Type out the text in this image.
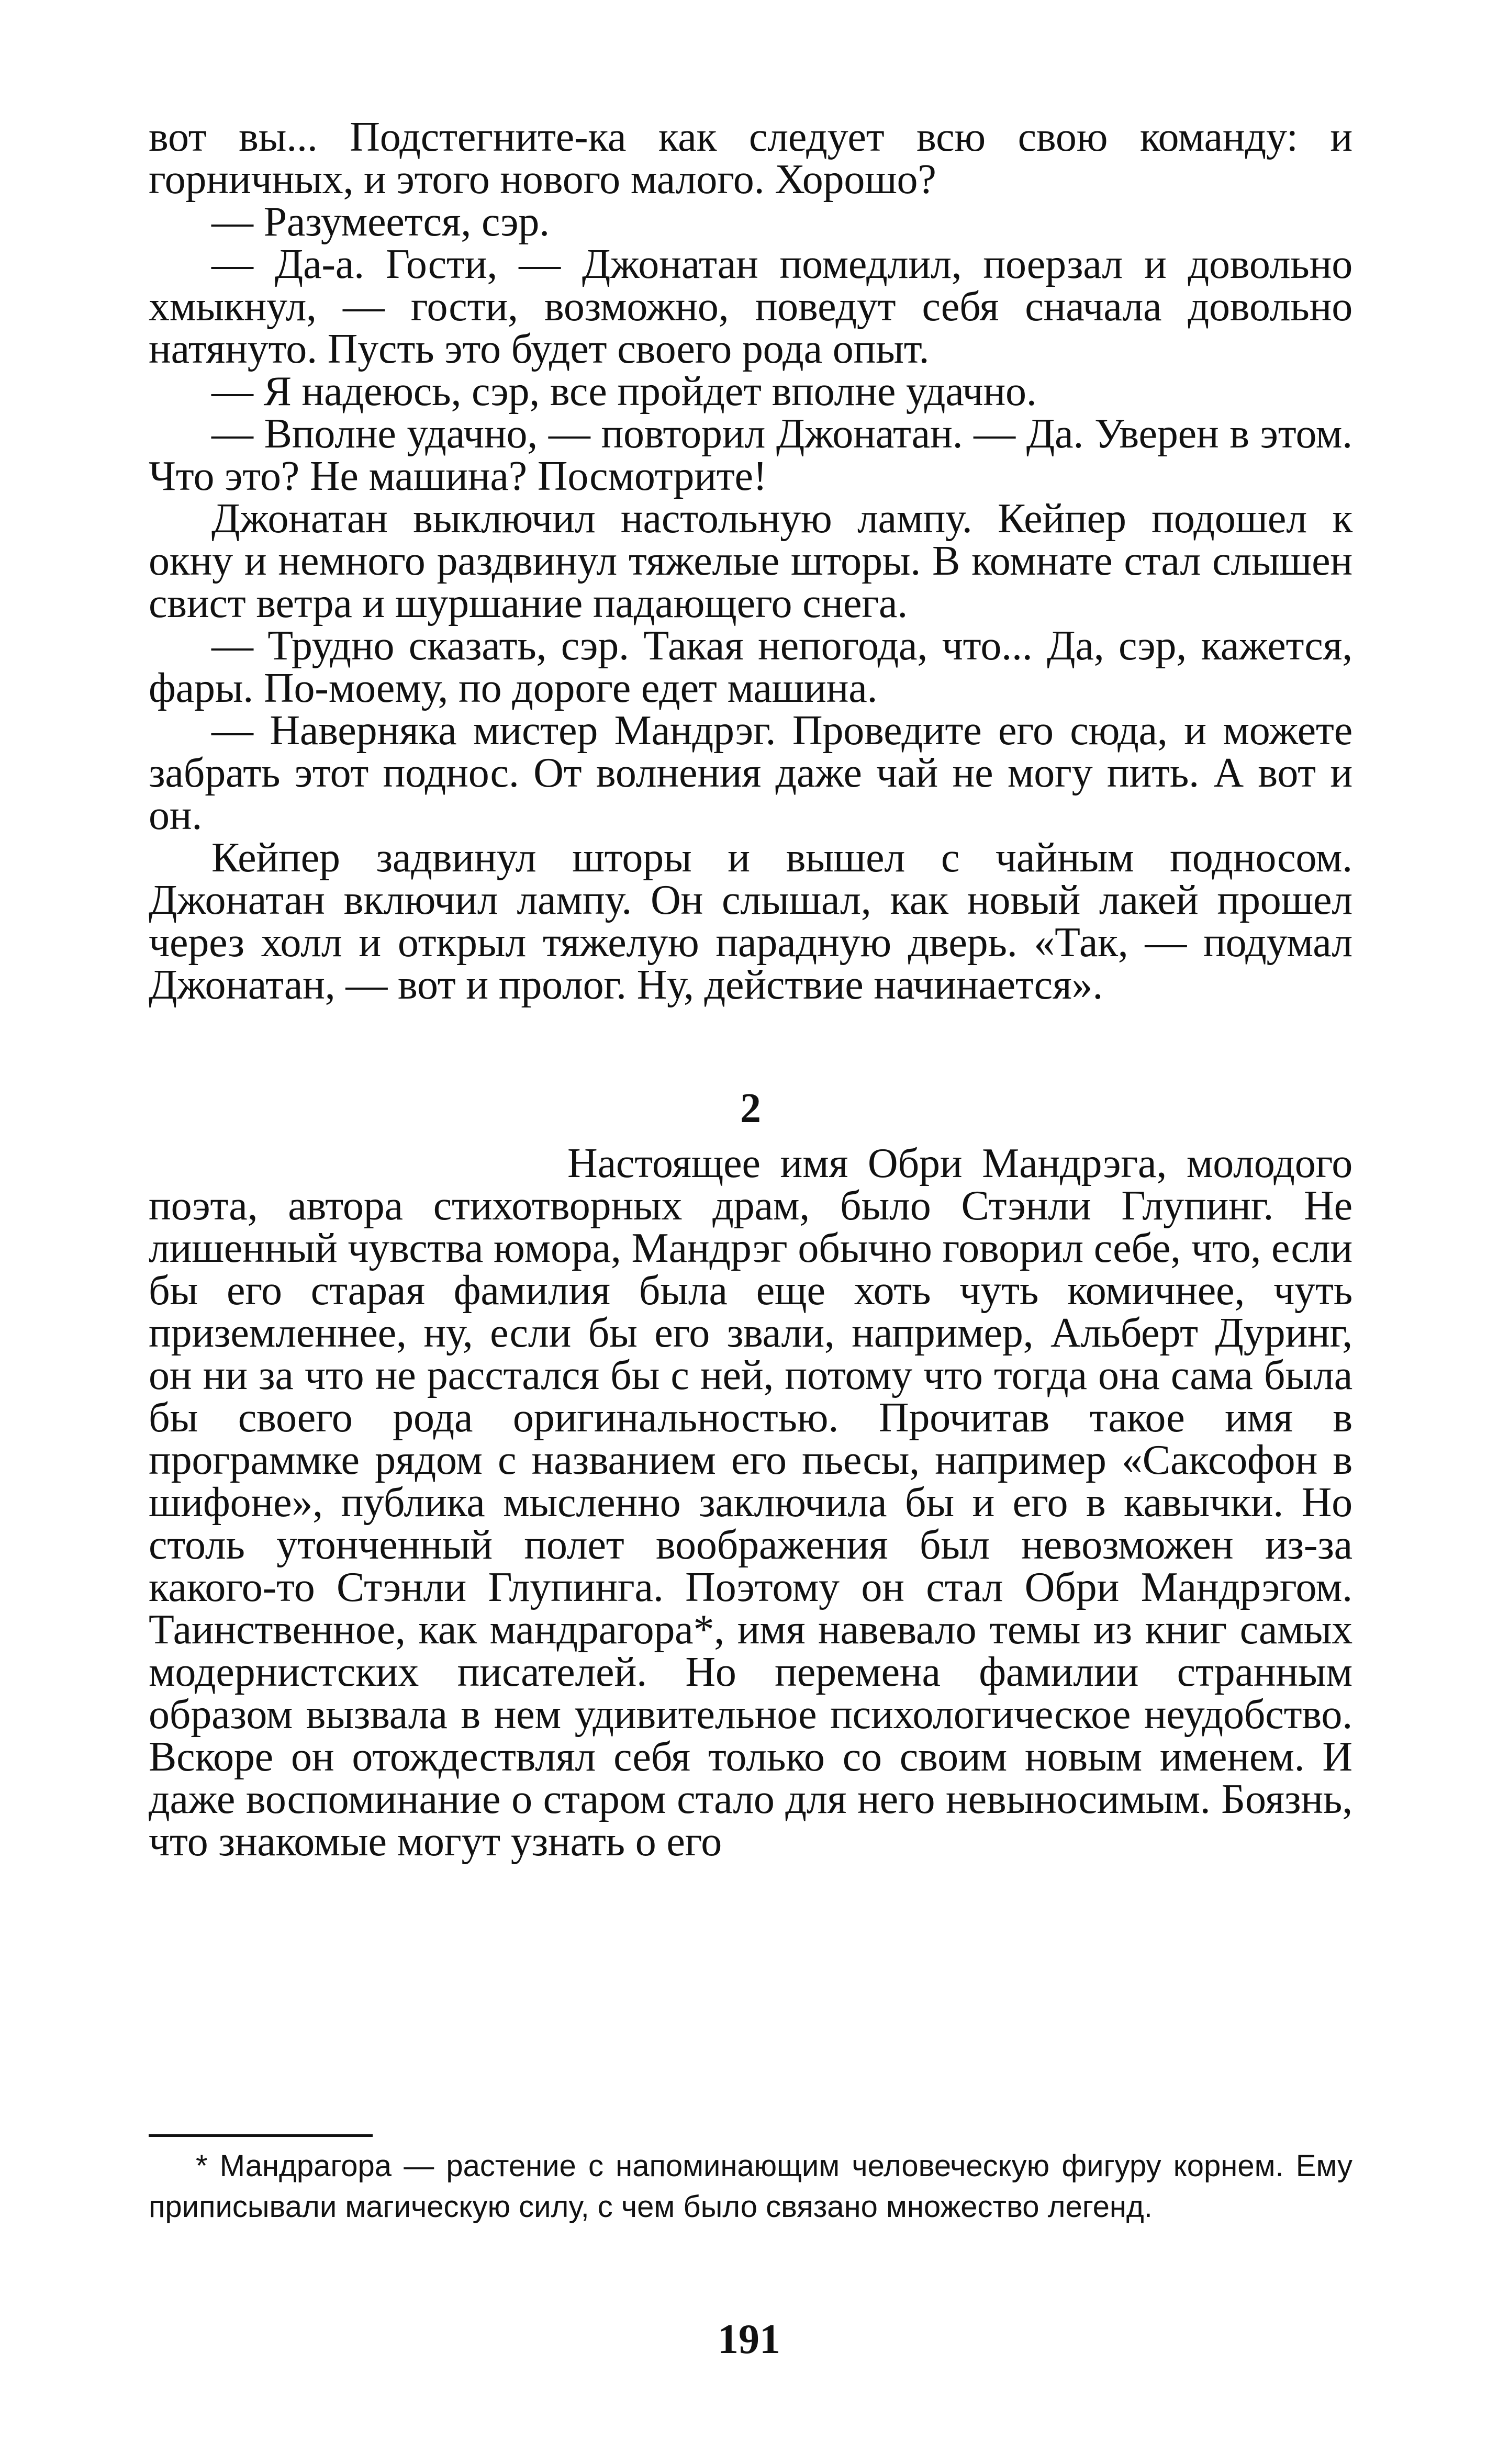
вот вы... Подстегните-ка как следует всю свою команду: и горничных, и этого нового малого. Хорошо?

— Разумеется, сэр.

— Да-а. Гости, — Джонатан помедлил, поерзал и довольно хмыкнул, — гости, возможно, поведут себя сначала довольно натянуто. Пусть это будет своего рода опыт.

— Я надеюсь, сэр, все пройдет вполне удачно.

— Вполне удачно, — повторил Джонатан. — Да. Уверен в этом. Что это? Не машина? Посмотрите!

Джонатан выключил настольную лампу. Кейпер подошел к окну и немного раздвинул тяжелые шторы. В комнате стал слышен свист ветра и шуршание падающего снега.

— Трудно сказать, сэр. Такая непогода, что... Да, сэр, кажется, фары. По-моему, по дороге едет машина.

— Наверняка мистер Мандрэг. Проведите его сюда, и можете забрать этот поднос. От волнения даже чай не могу пить. А вот и он.

Кейпер задвинул шторы и вышел с чайным подносом. Джонатан включил лампу. Он слышал, как новый лакей прошел через холл и открыл тяжелую парадную дверь. «Так, — подумал Джонатан, — вот и пролог. Ну, действие начинается».

2

Настоящее имя Обри Мандрэга, молодого поэта, автора стихотворных драм, было Стэнли Глупинг. Не лишенный чувства юмора, Мандрэг обычно говорил себе, что, если бы его старая фамилия была еще хоть чуть комичнее, чуть приземленнее, ну, если бы его звали, например, Альберт Дуринг, он ни за что не расстался бы с ней, потому что тогда она сама была бы своего рода оригинальностью. Прочитав такое имя в программке рядом с названием его пьесы, например «Саксофон в шифоне», публика мысленно заключила бы и его в кавычки. Но столь утонченный полет воображения был невозможен из-за какого-то Стэнли Глупинга. Поэтому он стал Обри Мандрэгом. Таинственное, как мандрагора*, имя навевало темы из книг самых модернистских писателей. Но перемена фамилии странным образом вызвала в нем удивительное психологическое неудобство. Вскоре он отождествлял себя только со своим новым именем. И даже воспоминание о старом стало для него невыносимым. Боязнь, что знакомые могут узнать о его

* Мандрагора — растение с напоминающим человеческую фигуру корнем. Ему приписывали магическую силу, с чем было связано множество легенд.

191
